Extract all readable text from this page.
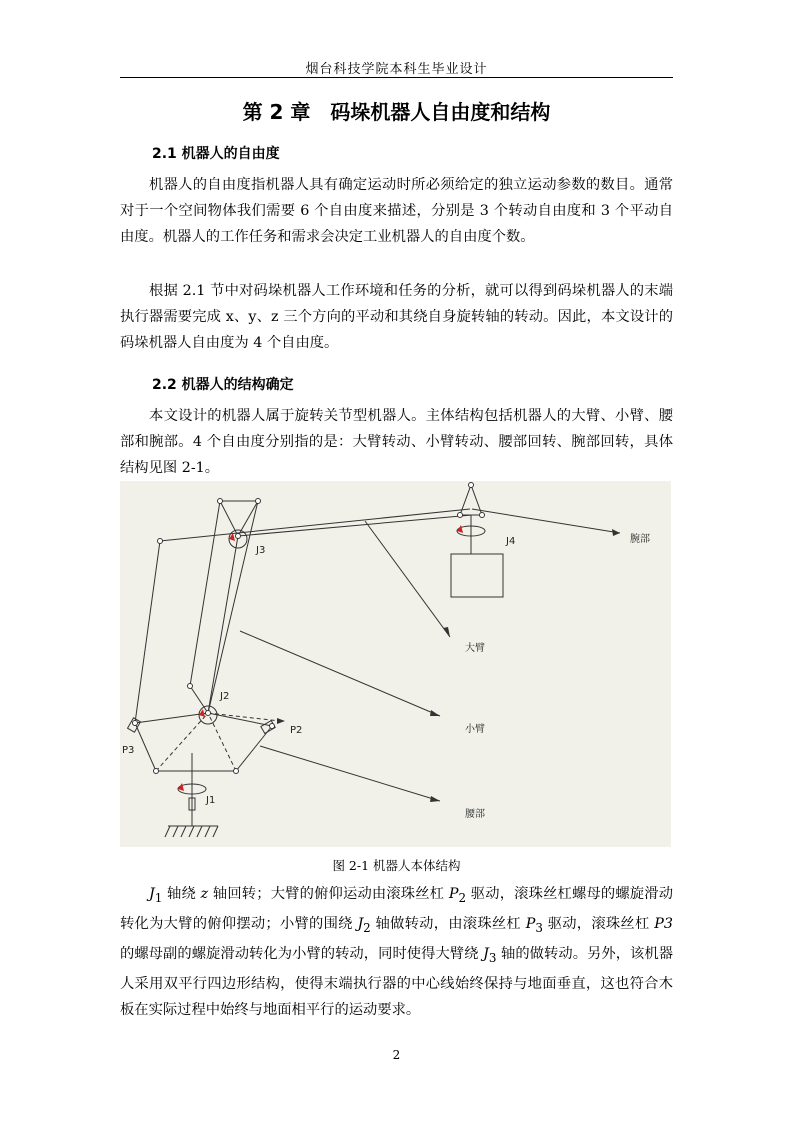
烟台科技学院本科生毕业设计
第 2 章　码垛机器人自由度和结构
2.1 机器人的自由度

机器人的自由度指机器人具有确定运动时所必须给定的独立运动参数的数目。通常对于一个空间物体我们需要 6 个自由度来描述，分别是 3 个转动自由度和 3 个平动自由度。机器人的工作任务和需求会决定工业机器人的自由度个数。

根据 2.1 节中对码垛机器人工作环境和任务的分析，就可以得到码垛机器人的末端执行器需要完成 x、y、z 三个方向的平动和其绕自身旋转轴的转动。因此，本文设计的码垛机器人自由度为 4 个自由度。

2.2 机器人的结构确定

本文设计的机器人属于旋转关节型机器人。主体结构包括机器人的大臂、小臂、腰部和腕部。4 个自由度分别指的是：大臂转动、小臂转动、腰部回转、腕部回转，具体结构见图 2-1。

J1
J2
J3
J4
P2
P3
腕部
大臂
小臂
腰部
图 2-1 机器人本体结构

$J_1$ 轴绕 z 轴回转；大臂的俯仰运动由滚珠丝杠 $P_2$ 驱动，滚珠丝杠螺母的螺旋滑动转化为大臂的俯仰摆动；小臂的围绕 $J_2$ 轴做转动，由滚珠丝杠 $P_3$ 驱动，滚珠丝杠 P3 的螺母副的螺旋滑动转化为小臂的转动，同时使得大臂绕 $J_3$ 轴的做转动。另外，该机器人采用双平行四边形结构，使得末端执行器的中心线始终保持与地面垂直，这也符合木板在实际过程中始终与地面相平行的运动要求。

2
